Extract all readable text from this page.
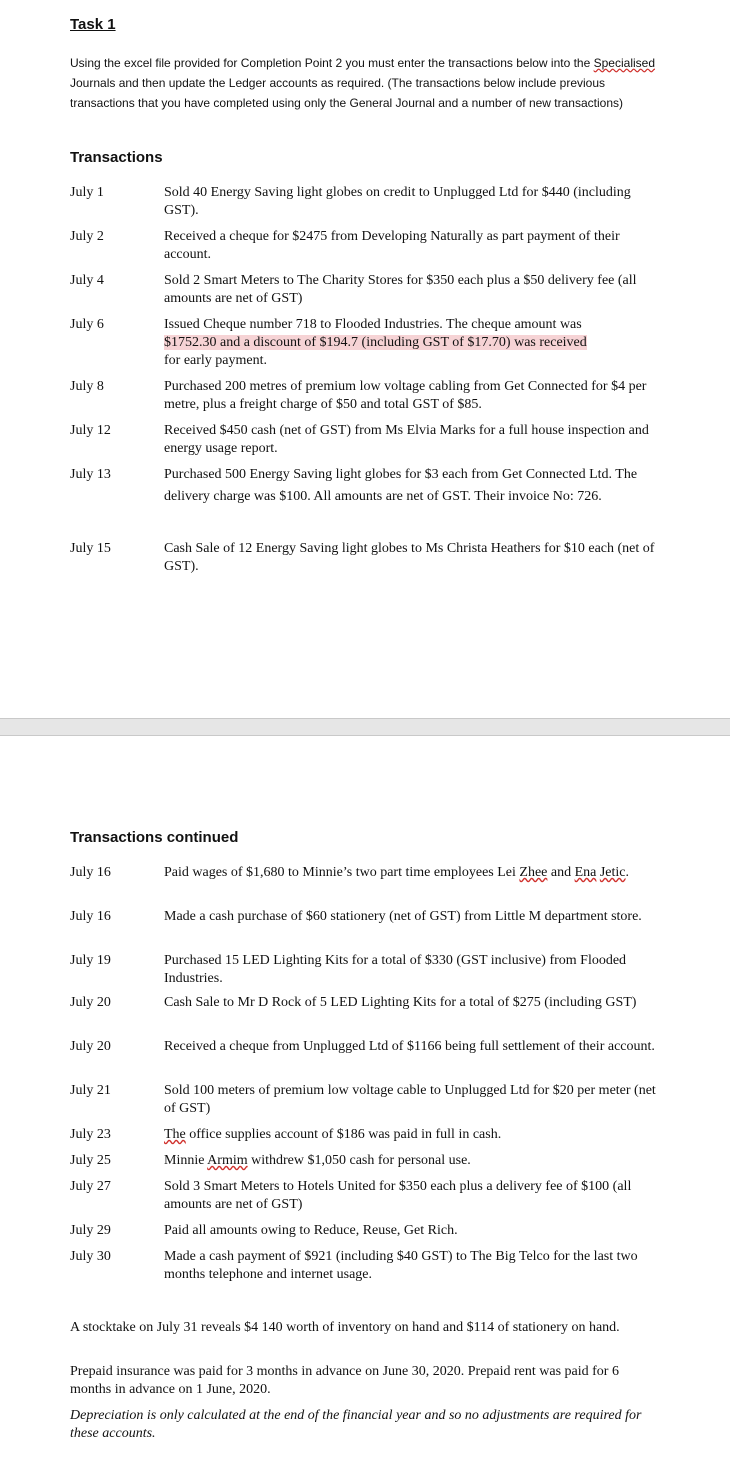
Task 1

Using the excel file provided for Completion Point 2 you must enter the transactions below into the Specialised Journals and then update the Ledger accounts as required. (The transactions below include previous transactions that you have completed using only the General Journal and a number of new transactions)

Transactions

July 1	Sold 40 Energy Saving light globes on credit to Unplugged Ltd for $440 (including GST).
July 2	Received a cheque for $2475 from Developing Naturally as part payment of their account.
July 4	Sold 2 Smart Meters to The Charity Stores for $350 each plus a $50 delivery fee (all amounts are net of GST)
July 6	Issued Cheque number 718 to Flooded Industries. The cheque amount was
$1752.30 and a discount of $194.7 (including GST of $17.70) was received
for early payment.
July 8	Purchased 200 metres of premium low voltage cabling from Get Connected for $4 per metre, plus a freight charge of $50 and total GST of $85.
July 12	Received $450 cash (net of GST) from Ms Elvia Marks for a full house inspection and energy usage report.
July 13	Purchased 500 Energy Saving light globes for $3 each from Get Connected Ltd. The delivery charge was $100. All amounts are net of GST. Their invoice No: 726.
July 15	Cash Sale of 12 Energy Saving light globes to Ms Christa Heathers for $10 each (net of GST).

Transactions continued

July 16	Paid wages of $1,680 to Minnie’s two part time employees Lei Zhee and Ena Jetic.
July 16	Made a cash purchase of $60 stationery (net of GST) from Little M department store.
July 19	Purchased 15 LED Lighting Kits for a total of $330 (GST inclusive) from Flooded Industries.
July 20	Cash Sale to Mr D Rock of 5 LED Lighting Kits for a total of $275 (including GST)
July 20	Received a cheque from Unplugged Ltd of $1166 being full settlement of their account.
July 21	Sold 100 meters of premium low voltage cable to Unplugged Ltd for $20 per meter (net of GST)
July 23	The office supplies account of $186 was paid in full in cash.
July 25	Minnie Armim withdrew $1,050 cash for personal use.
July 27	Sold 3 Smart Meters to Hotels United for $350 each plus a delivery fee of $100 (all amounts are net of GST)
July 29	Paid all amounts owing to Reduce, Reuse, Get Rich.
July 30	Made a cash payment of $921 (including $40 GST) to The Big Telco for the last two months telephone and internet usage.

A stocktake on July 31 reveals $4 140 worth of inventory on hand and $114 of stationery on hand.

Prepaid insurance was paid for 3 months in advance on June 30, 2020. Prepaid rent was paid for 6 months in advance on 1 June, 2020.

Depreciation is only calculated at the end of the financial year and so no adjustments are required for these accounts.
